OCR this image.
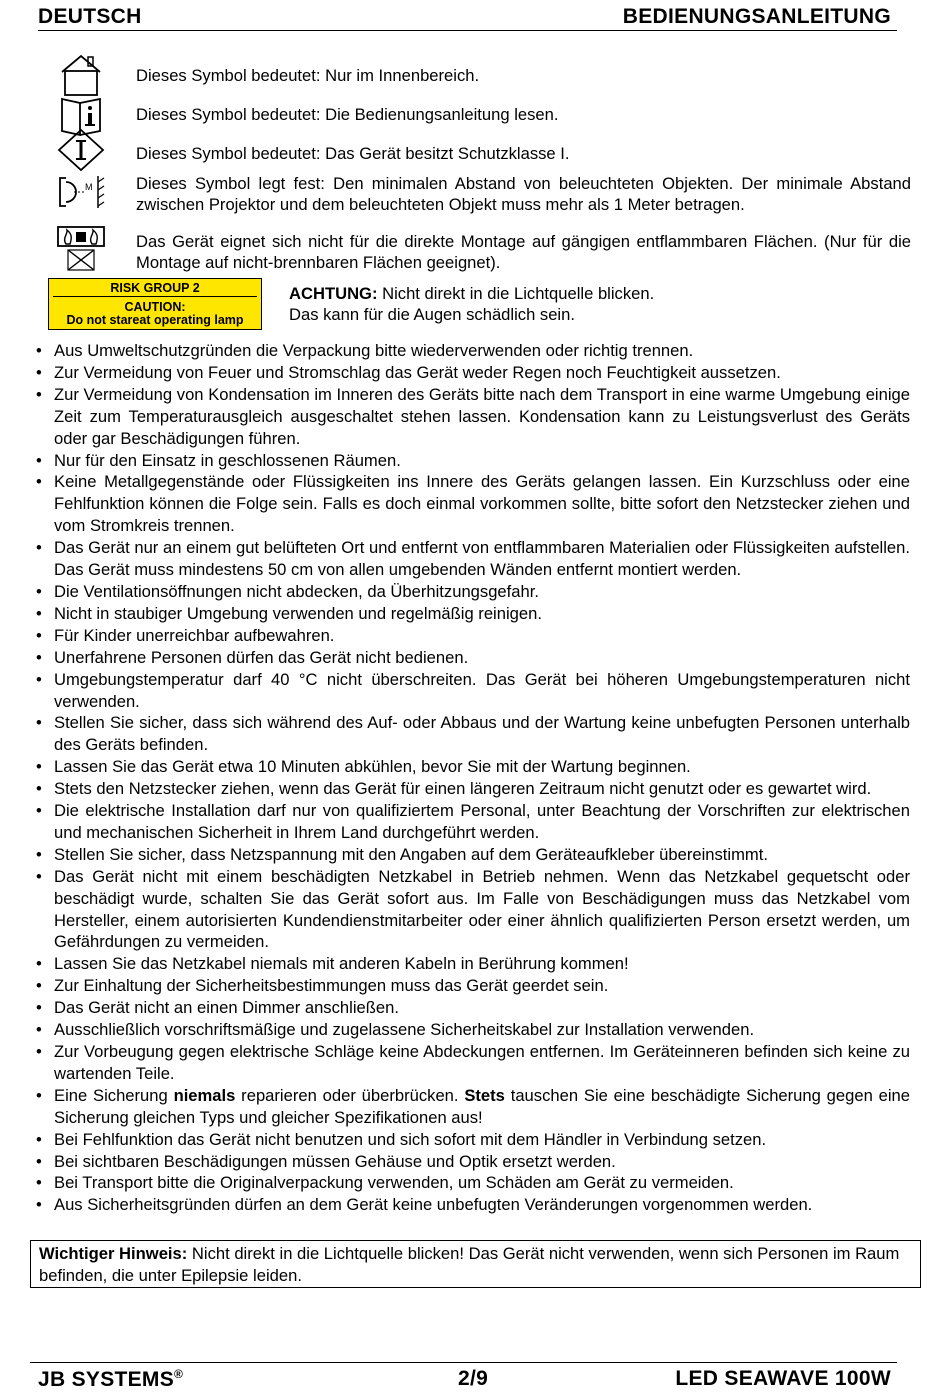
DEUTSCH	BEDIENUNGSANLEITUNG
Dieses Symbol bedeutet: Nur im Innenbereich.
Dieses Symbol bedeutet: Die Bedienungsanleitung lesen.
Dieses Symbol bedeutet: Das Gerät besitzt Schutzklasse I.
M	Dieses Symbol legt fest: Den minimalen Abstand von beleuchteten Objekten. Der minimale Abstand zwischen Projektor und dem beleuchteten Objekt muss mehr als 1 Meter betragen.
Das Gerät eignet sich nicht für die direkte Montage auf gängigen entflammbaren Flächen. (Nur für die Montage auf nicht-brennbaren Flächen geeignet).
RISK GROUP 2
CAUTION:
Do not stareat operating lamp
ACHTUNG: Nicht direkt in die Lichtquelle blicken.
Das kann für die Augen schädlich sein.
• Aus Umweltschutzgründen die Verpackung bitte wiederverwenden oder richtig trennen.
• Zur Vermeidung von Feuer und Stromschlag das Gerät weder Regen noch Feuchtigkeit aussetzen.
• Zur Vermeidung von Kondensation im Inneren des Geräts bitte nach dem Transport in eine warme Umgebung einige Zeit zum Temperaturausgleich ausgeschaltet stehen lassen. Kondensation kann zu Leistungsverlust des Geräts oder gar Beschädigungen führen.
• Nur für den Einsatz in geschlossenen Räumen.
• Keine Metallgegenstände oder Flüssigkeiten ins Innere des Geräts gelangen lassen. Ein Kurzschluss oder eine Fehlfunktion können die Folge sein. Falls es doch einmal vorkommen sollte, bitte sofort den Netzstecker ziehen und vom Stromkreis trennen.
• Das Gerät nur an einem gut belüfteten Ort und entfernt von entflammbaren Materialien oder Flüssigkeiten aufstellen. Das Gerät muss mindestens 50 cm von allen umgebenden Wänden entfernt montiert werden.
• Die Ventilationsöffnungen nicht abdecken, da Überhitzungsgefahr.
• Nicht in staubiger Umgebung verwenden und regelmäßig reinigen.
• Für Kinder unerreichbar aufbewahren.
• Unerfahrene Personen dürfen das Gerät nicht bedienen.
• Umgebungstemperatur darf 40 °C nicht überschreiten. Das Gerät bei höheren Umgebungstemperaturen nicht verwenden.
• Stellen Sie sicher, dass sich während des Auf- oder Abbaus und der Wartung keine unbefugten Personen unterhalb des Geräts befinden.
• Lassen Sie das Gerät etwa 10 Minuten abkühlen, bevor Sie mit der Wartung beginnen.
• Stets den Netzstecker ziehen, wenn das Gerät für einen längeren Zeitraum nicht genutzt oder es gewartet wird.
• Die elektrische Installation darf nur von qualifiziertem Personal, unter Beachtung der Vorschriften zur elektrischen und mechanischen Sicherheit in Ihrem Land durchgeführt werden.
• Stellen Sie sicher, dass Netzspannung mit den Angaben auf dem Geräteaufkleber übereinstimmt.
• Das Gerät nicht mit einem beschädigten Netzkabel in Betrieb nehmen. Wenn das Netzkabel gequetscht oder beschädigt wurde, schalten Sie das Gerät sofort aus. Im Falle von Beschädigungen muss das Netzkabel vom Hersteller, einem autorisierten Kundendienstmitarbeiter oder einer ähnlich qualifizierten Person ersetzt werden, um Gefährdungen zu vermeiden.
• Lassen Sie das Netzkabel niemals mit anderen Kabeln in Berührung kommen!
• Zur Einhaltung der Sicherheitsbestimmungen muss das Gerät geerdet sein.
• Das Gerät nicht an einen Dimmer anschließen.
• Ausschließlich vorschriftsmäßige und zugelassene Sicherheitskabel zur Installation verwenden.
• Zur Vorbeugung gegen elektrische Schläge keine Abdeckungen entfernen. Im Geräteinneren befinden sich keine zu wartenden Teile.
• Eine Sicherung niemals reparieren oder überbrücken. Stets tauschen Sie eine beschädigte Sicherung gegen eine Sicherung gleichen Typs und gleicher Spezifikationen aus!
• Bei Fehlfunktion das Gerät nicht benutzen und sich sofort mit dem Händler in Verbindung setzen.
• Bei sichtbaren Beschädigungen müssen Gehäuse und Optik ersetzt werden.
• Bei Transport bitte die Originalverpackung verwenden, um Schäden am Gerät zu vermeiden.
• Aus Sicherheitsgründen dürfen an dem Gerät keine unbefugten Veränderungen vorgenommen werden.
Wichtiger Hinweis: Nicht direkt in die Lichtquelle blicken! Das Gerät nicht verwenden, wenn sich Personen im Raum befinden, die unter Epilepsie leiden.
JB SYSTEMS®	2/9	LED SEAWAVE 100W
